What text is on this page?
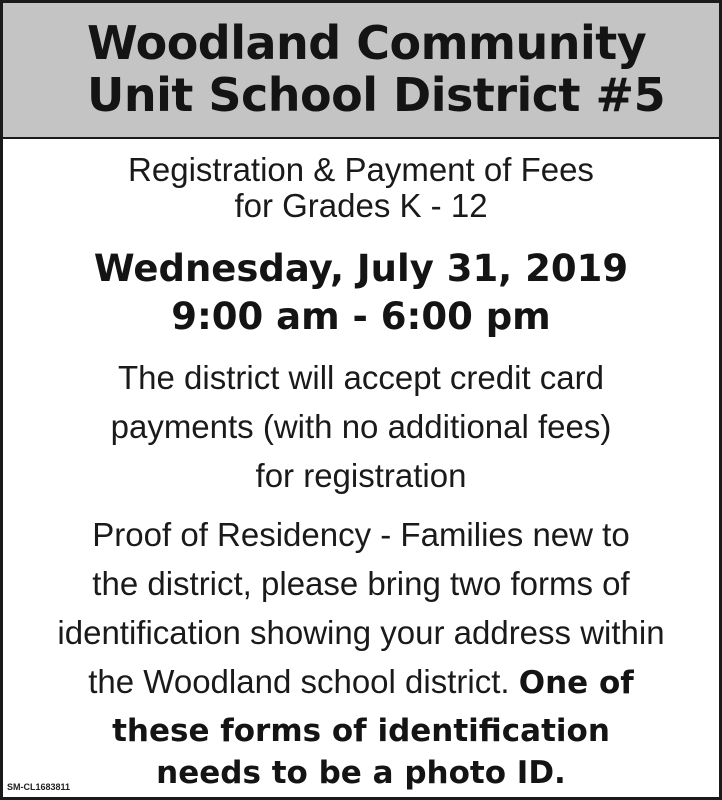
Woodland Community
Unit School District #5
Registration & Payment of Fees
for Grades K - 12
Wednesday, July 31, 2019
9:00 am - 6:00 pm
The district will accept credit card
payments (with no additional fees)
for registration
Proof of Residency - Families new to
the district, please bring two forms of
identification showing your address within
the Woodland school district. One of
these forms of identification
needs to be a photo ID.
SM-CL1683811
